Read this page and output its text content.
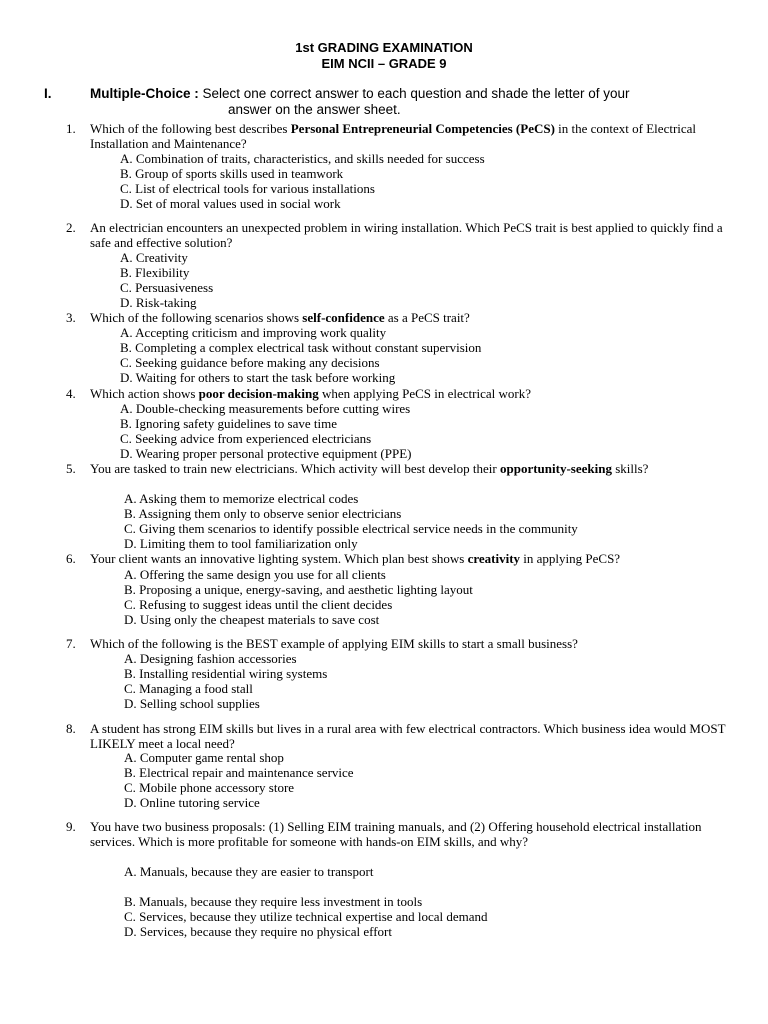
1st GRADING EXAMINATION
EIM NCII – GRADE 9
I.	Multiple-Choice : Select one correct answer to each question and shade the letter of your
answer on the answer sheet.
1. Which of the following best describes Personal Entrepreneurial Competencies (PeCS) in the context of Electrical Installation and Maintenance?
A. Combination of traits, characteristics, and skills needed for success
B. Group of sports skills used in teamwork
C. List of electrical tools for various installations
D. Set of moral values used in social work
2. An electrician encounters an unexpected problem in wiring installation. Which PeCS trait is best applied to quickly find a safe and effective solution?
A. Creativity
B. Flexibility
C. Persuasiveness
D. Risk-taking
3. Which of the following scenarios shows self-confidence as a PeCS trait?
A. Accepting criticism and improving work quality
B. Completing a complex electrical task without constant supervision
C. Seeking guidance before making any decisions
D. Waiting for others to start the task before working
4. Which action shows poor decision-making when applying PeCS in electrical work?
A. Double-checking measurements before cutting wires
B. Ignoring safety guidelines to save time
C. Seeking advice from experienced electricians
D. Wearing proper personal protective equipment (PPE)
5. You are tasked to train new electricians. Which activity will best develop their opportunity-seeking skills?
A. Asking them to memorize electrical codes
B. Assigning them only to observe senior electricians
C. Giving them scenarios to identify possible electrical service needs in the community
D. Limiting them to tool familiarization only
6. Your client wants an innovative lighting system. Which plan best shows creativity in applying PeCS?
A. Offering the same design you use for all clients
B. Proposing a unique, energy-saving, and aesthetic lighting layout
C. Refusing to suggest ideas until the client decides
D. Using only the cheapest materials to save cost
7. Which of the following is the BEST example of applying EIM skills to start a small business?
A. Designing fashion accessories
B. Installing residential wiring systems
C. Managing a food stall
D. Selling school supplies
8. A student has strong EIM skills but lives in a rural area with few electrical contractors. Which business idea would MOST LIKELY meet a local need?
A. Computer game rental shop
B. Electrical repair and maintenance service
C. Mobile phone accessory store
D. Online tutoring service
9. You have two business proposals: (1) Selling EIM training manuals, and (2) Offering household electrical installation services. Which is more profitable for someone with hands-on EIM skills, and why?
A. Manuals, because they are easier to transport
B. Manuals, because they require less investment in tools
C. Services, because they utilize technical expertise and local demand
D. Services, because they require no physical effort
